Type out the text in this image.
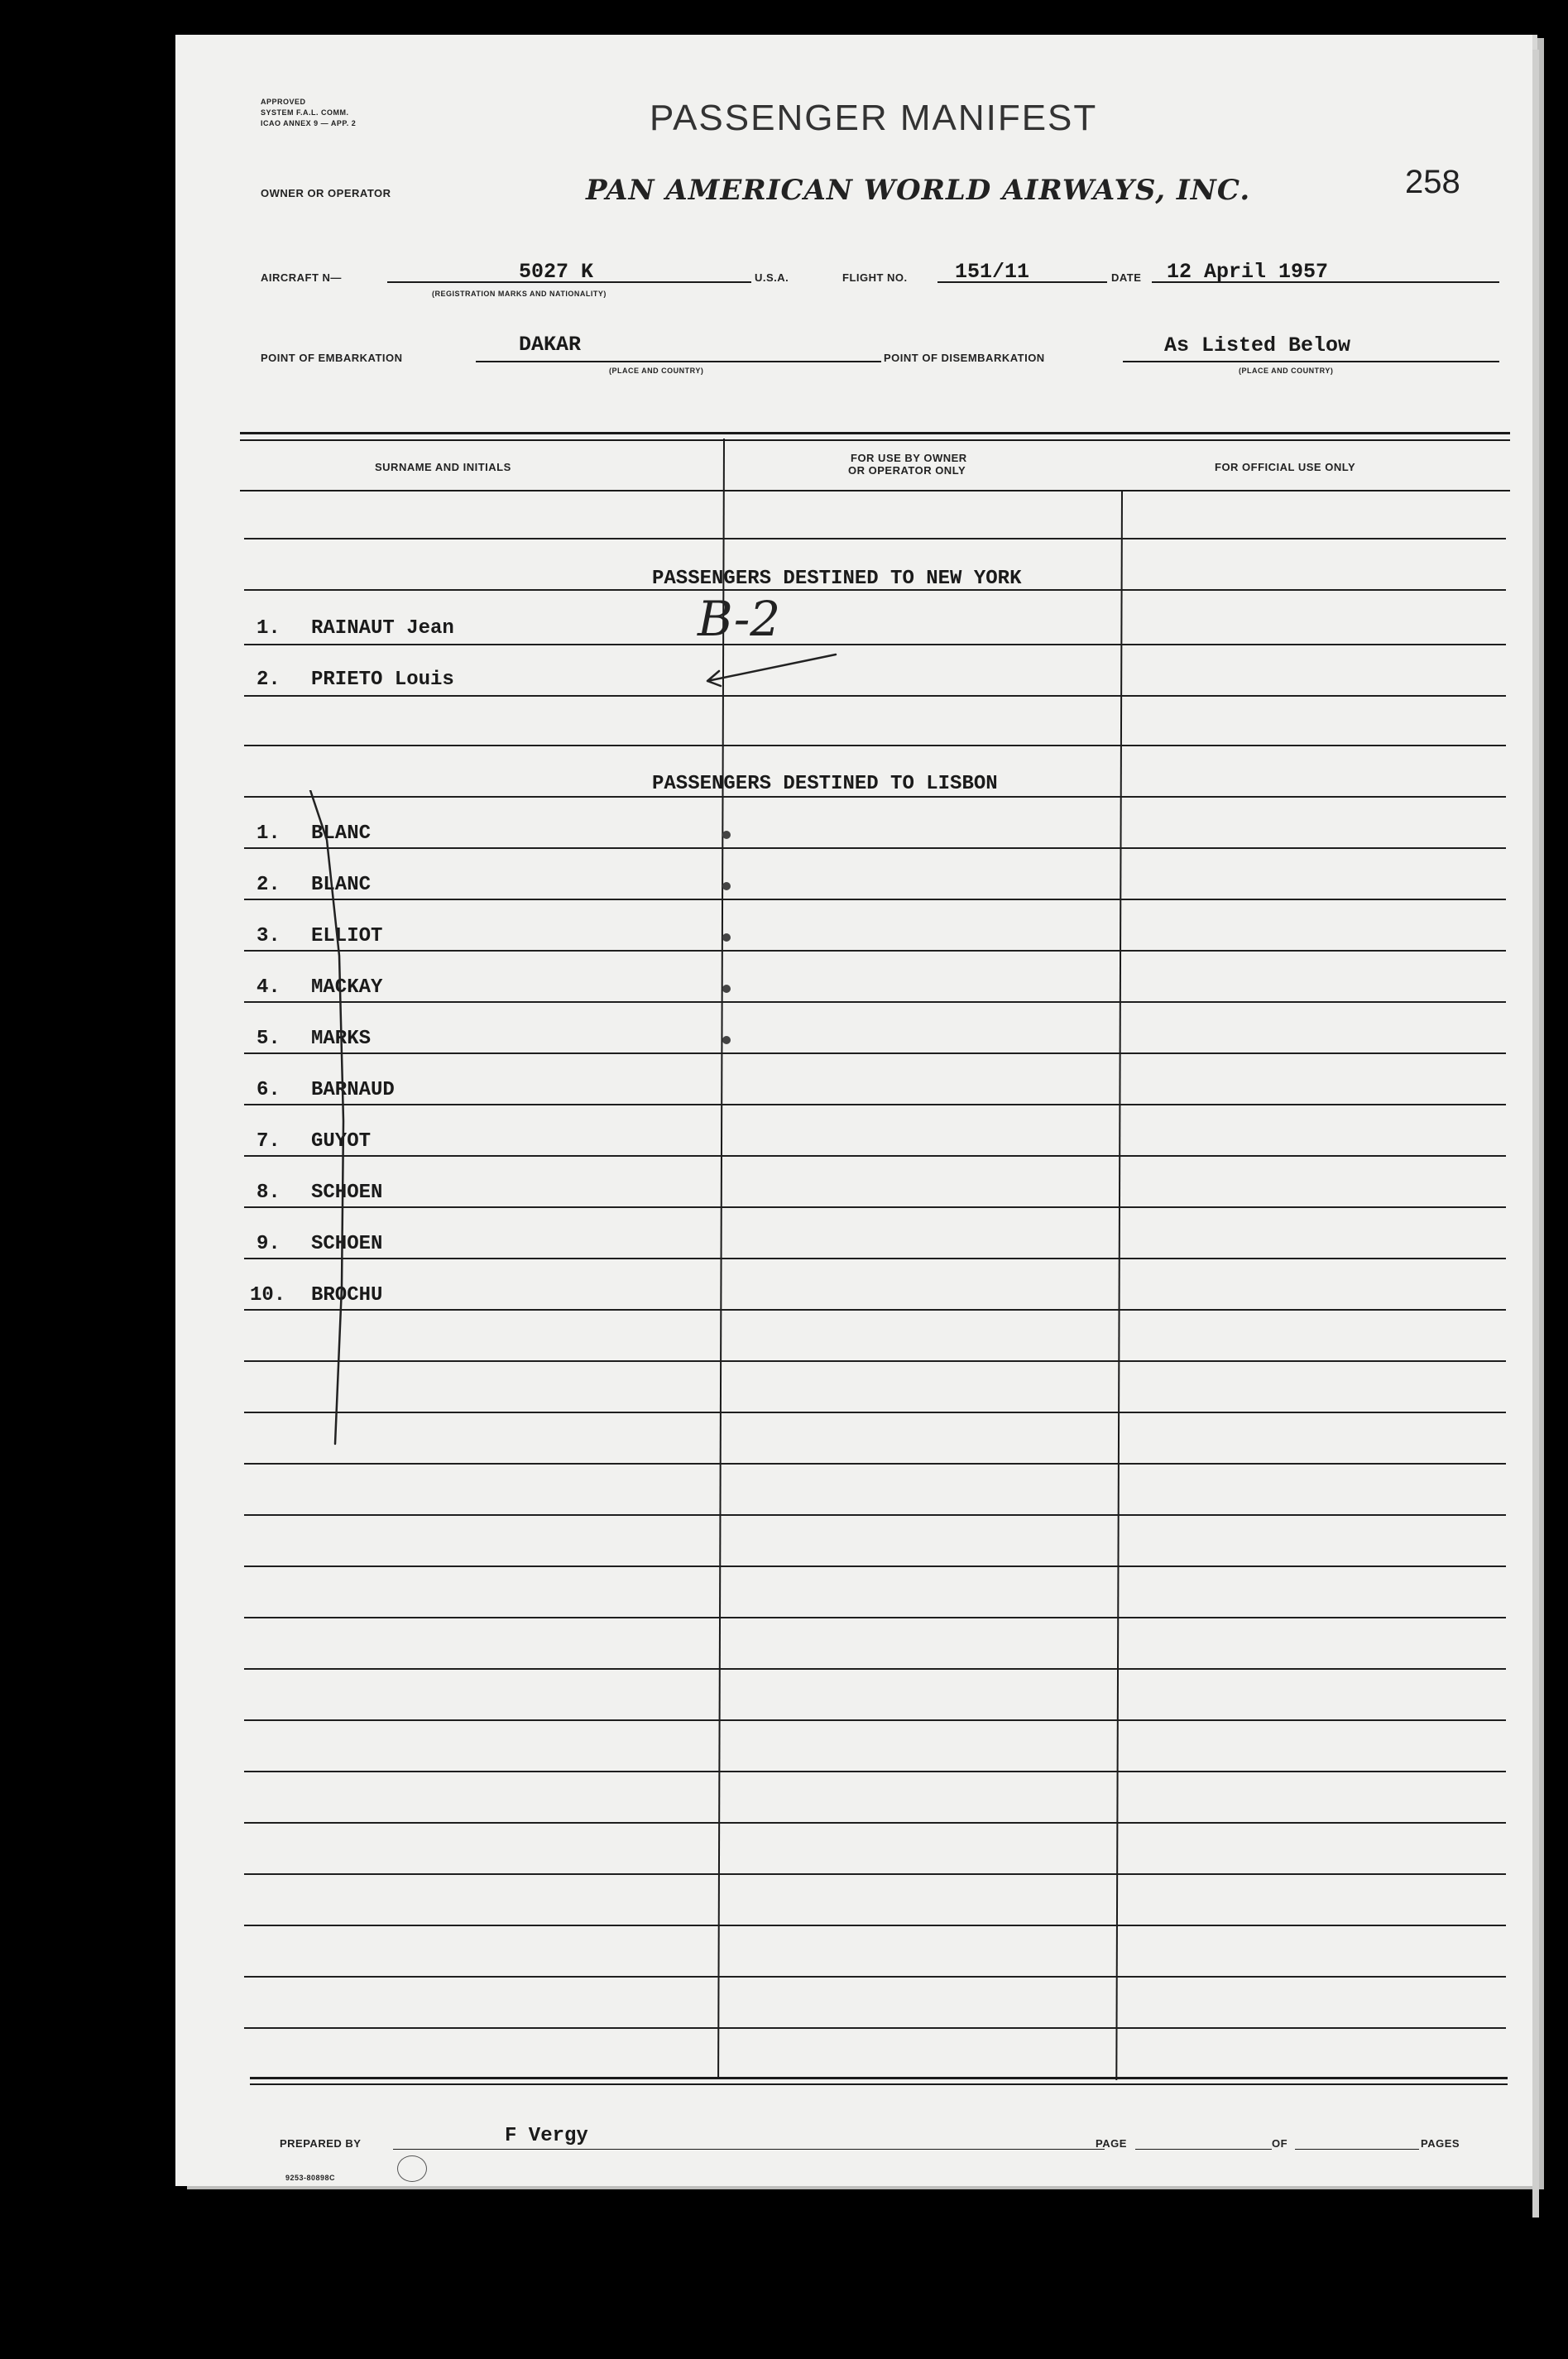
APPROVED
SYSTEM F.A.L. COMM.
ICAO ANNEX 9 — APP. 2	PASSENGER MANIFEST
258
OWNER OR OPERATOR	PAN AMERICAN WORLD AIRWAYS, INC.
AIRCRAFT N—	5027 K
(REGISTRATION MARKS AND NATIONALITY)
U.S.A.	FLIGHT NO. 151/11	DATE 12 April 1957
POINT OF EMBARKATION
DAKAR
(PLACE AND COUNTRY)
POINT OF DISEMBARKATION
As Listed Below
(PLACE AND COUNTRY)
SURNAME AND INITIALS
FOR USE BY OWNER
OR OPERATOR ONLY	FOR OFFICIAL USE ONLY
PASSENGERS DESTINED TO NEW YORK
1.	RAINAUT Jean
2.	PRIETO Louis
B-2
PASSENGERS DESTINED TO LISBON
1.	BLANC
2.	BLANC
3.	ELLIOT
4.	MACKAY
5.	MARKS
6.	BARNAUD
7.	GUYOT
8.	SCHOEN
9.	SCHOEN
10.	BROCHU
PREPARED BY	F Vergy	PAGE	OF	PAGES
9253-80898C
